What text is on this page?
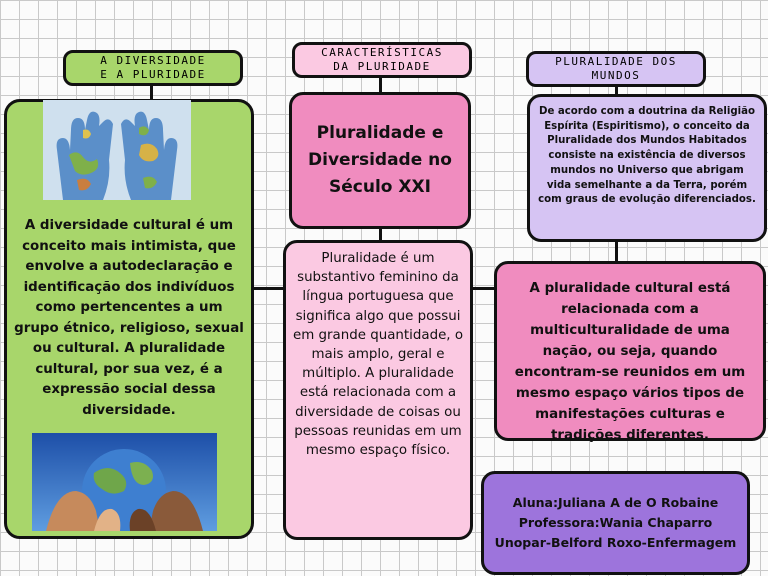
A DIVERSIDADE
E A PLURIDADE
A diversidade cultural é um conceito mais intimista, que envolve a autodeclaração e identificação dos indivíduos como pertencentes a um grupo étnico, religioso, sexual ou cultural. A pluralidade cultural, por sua vez, é a expressão social dessa diversidade.
CARACTERÍSTICAS
DA PLURIDADE
Pluralidade e Diversidade no Século XXI
Pluralidade é um substantivo feminino da língua portuguesa que significa algo que possui em grande quantidade, o mais amplo, geral e múltiplo. A pluralidade está relacionada com a diversidade de coisas ou pessoas reunidas em um mesmo espaço físico.
PLURALIDADE DOS
MUNDOS
De acordo com a doutrina da Religião Espírita (Espiritismo), o conceito da Pluralidade dos Mundos Habitados consiste na existência de diversos mundos no Universo que abrigam vida semelhante a da Terra, porém com graus de evolução diferenciados.
A pluralidade cultural está relacionada com a multiculturalidade de uma nação, ou seja, quando encontram-se reunidos em um mesmo espaço vários tipos de manifestações culturas e tradições diferentes.
Aluna:Juliana A de O Robaine
Professora:Wania Chaparro
Unopar-Belford Roxo-Enfermagem
